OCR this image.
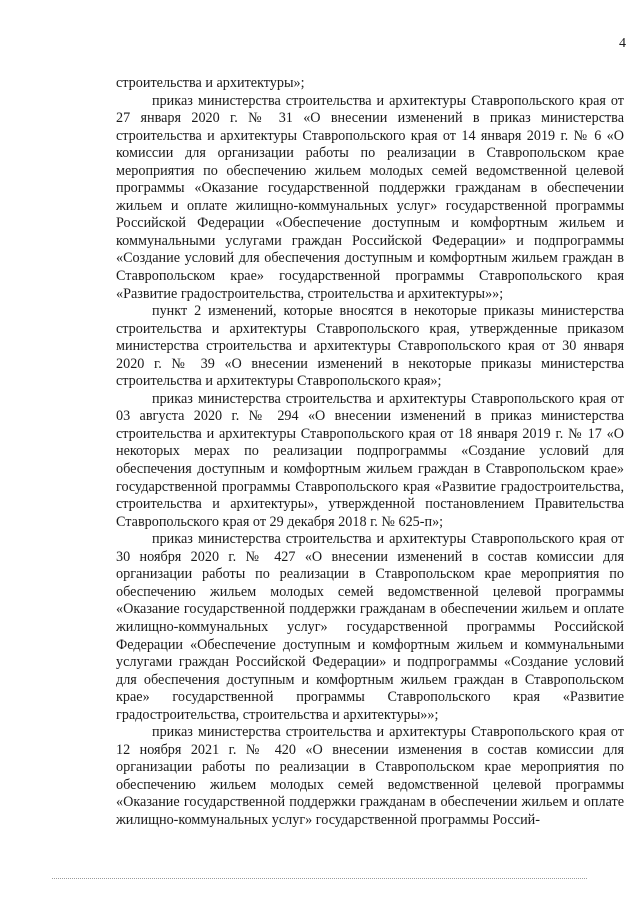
4

строительства и архитектуры»;

приказ министерства строительства и архитектуры Ставропольского края от 27 января 2020 г. № 31 «О внесении изменений в приказ министерства строительства и архитектуры Ставропольского края от 14 января 2019 г. № 6 «О комиссии для организации работы по реализации в Ставропольском крае мероприятия по обеспечению жильем молодых семей ведомственной целевой программы «Оказание государственной поддержки гражданам в обеспечении жильем и оплате жилищно-коммунальных услуг» государственной программы Российской Федерации «Обеспечение доступным и комфортным жильем и коммунальными услугами граждан Российской Федерации» и подпрограммы «Создание условий для обеспечения доступным и комфортным жильем граждан в Ставропольском крае» государственной программы Ставропольского края «Развитие градостроительства, строительства и архитектуры»»;

пункт 2 изменений, которые вносятся в некоторые приказы министерства строительства и архитектуры Ставропольского края, утвержденные приказом министерства строительства и архитектуры Ставропольского края от 30 января 2020 г. № 39 «О внесении изменений в некоторые приказы министерства строительства и архитектуры Ставропольского края»;

приказ министерства строительства и архитектуры Ставропольского края от 03 августа 2020 г. № 294 «О внесении изменений в приказ министерства строительства и архитектуры Ставропольского края от 18 января 2019 г. № 17 «О некоторых мерах по реализации подпрограммы «Создание условий для обеспечения доступным и комфортным жильем граждан в Ставропольском крае» государственной программы Ставропольского края «Развитие градостроительства, строительства и архитектуры», утвержденной постановлением Правительства Ставропольского края от 29 декабря 2018 г. № 625-п»;

приказ министерства строительства и архитектуры Ставропольского края от 30 ноября 2020 г. № 427 «О внесении изменений в состав комиссии для организации работы по реализации в Ставропольском крае мероприятия по обеспечению жильем молодых семей ведомственной целевой программы «Оказание государственной поддержки гражданам в обеспечении жильем и оплате жилищно-коммунальных услуг» государственной программы Российской Федерации «Обеспечение доступным и комфортным жильем и коммунальными услугами граждан Российской Федерации» и подпрограммы «Создание условий для обеспечения доступным и комфортным жильем граждан в Ставропольском крае» государственной программы Ставропольского края «Развитие градостроительства, строительства и архитектуры»»;

приказ министерства строительства и архитектуры Ставропольского края от 12 ноября 2021 г. № 420 «О внесении изменения в состав комиссии для организации работы по реализации в Ставропольском крае мероприятия по обеспечению жильем молодых семей ведомственной целевой программы «Оказание государственной поддержки гражданам в обеспечении жильем и оплате жилищно-коммунальных услуг» государственной программы Россий-
